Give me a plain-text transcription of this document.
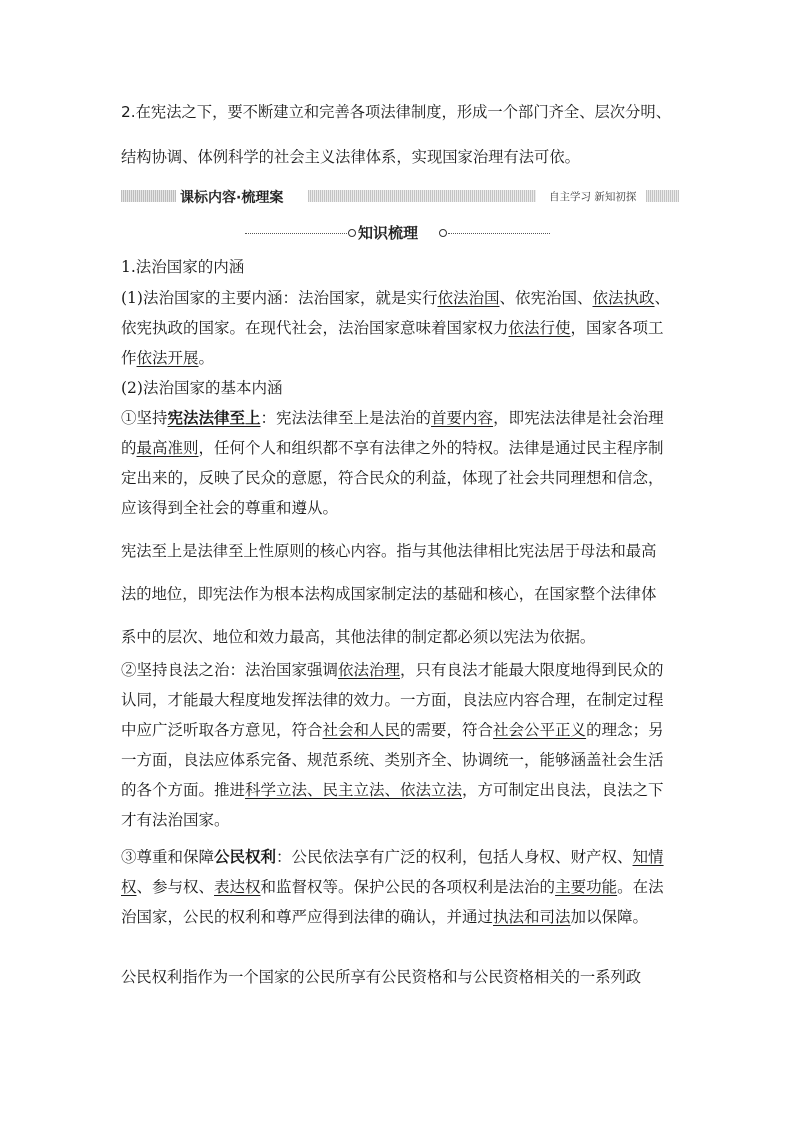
2.在宪法之下，要不断建立和完善各项法律制度，形成一个部门齐全、层次分明、
结构协调、体例科学的社会主义法律体系，实现国家治理有法可依。
课标内容·梳理案	自主学习 新知初探
知识梳理
1.法治国家的内涵
(1)法治国家的主要内涵：法治国家，就是实行依法治国、依宪治国、依法执政、
依宪执政的国家。在现代社会，法治国家意味着国家权力依法行使，国家各项工
作依法开展。
(2)法治国家的基本内涵
①坚持宪法法律至上：宪法法律至上是法治的首要内容，即宪法法律是社会治理
的最高准则，任何个人和组织都不享有法律之外的特权。法律是通过民主程序制
定出来的，反映了民众的意愿，符合民众的利益，体现了社会共同理想和信念，
应该得到全社会的尊重和遵从。
宪法至上是法律至上性原则的核心内容。指与其他法律相比宪法居于母法和最高
法的地位，即宪法作为根本法构成国家制定法的基础和核心，在国家整个法律体
系中的层次、地位和效力最高，其他法律的制定都必须以宪法为依据。
②坚持良法之治：法治国家强调依法治理，只有良法才能最大限度地得到民众的
认同，才能最大程度地发挥法律的效力。一方面，良法应内容合理，在制定过程
中应广泛听取各方意见，符合社会和人民的需要，符合社会公平正义的理念；另
一方面，良法应体系完备、规范系统、类别齐全、协调统一，能够涵盖社会生活
的各个方面。推进科学立法、民主立法、依法立法，方可制定出良法，良法之下
才有法治国家。
③尊重和保障公民权利：公民依法享有广泛的权利，包括人身权、财产权、知情
权、参与权、表达权和监督权等。保护公民的各项权利是法治的主要功能。在法
治国家，公民的权利和尊严应得到法律的确认，并通过执法和司法加以保障。
公民权利指作为一个国家的公民所享有公民资格和与公民资格相关的一系列政
